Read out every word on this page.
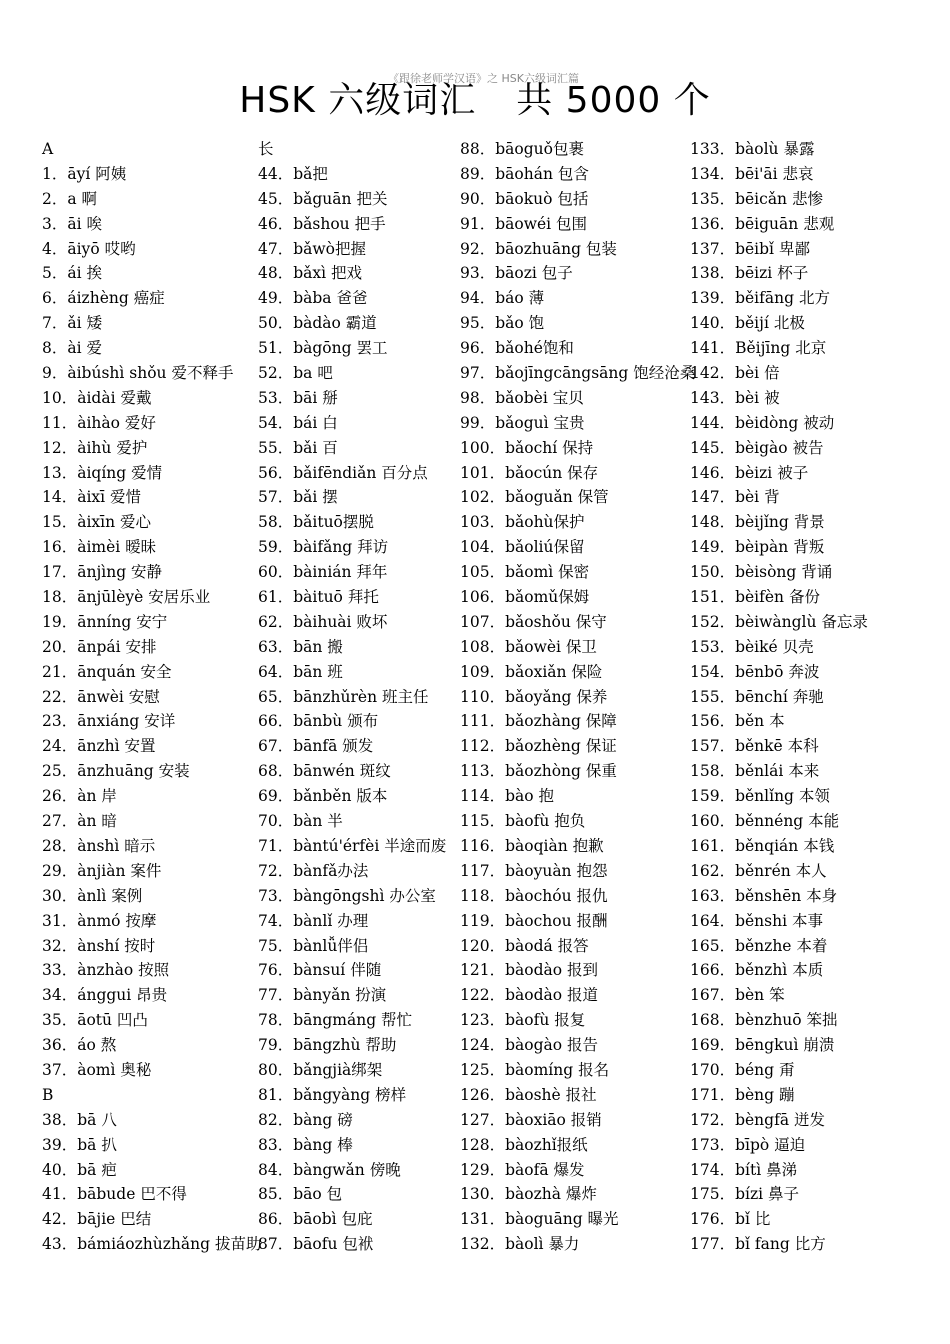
《跟徐老师学汉语》之 HSK六级词汇篇
HSK 六级词汇 共 5000 个
A
1．āyí 阿姨
2．a 啊
3．āi 唉
4．āiyō 哎哟
5．ái 挨
6．áizhèng 癌症
7．ǎi 矮
8．ài 爱
9．àibúshì shǒu 爱不释手
10．àidài 爱戴
11．àihào 爱好
12．àihù 爱护
13．àiqíng 爱情
14．àixī 爱惜
15．àixīn 爱心
16．àimèi 暧昧
17．ānjìng 安静
18．ānjūlèyè 安居乐业
19．ānníng 安宁
20．ānpái 安排
21．ānquán 安全
22．ānwèi 安慰
23．ānxiáng 安详
24．ānzhì 安置
25．ānzhuāng 安装
26．àn 岸
27．àn 暗
28．ànshì 暗示
29．ànjiàn 案件
30．ànlì 案例
31．ànmó 按摩
32．ànshí 按时
33．ànzhào 按照
34．ánggui 昂贵
35．āotū 凹凸
36．áo 熬
37．àomì 奥秘
B
38．bā 八
39．bā 扒
40．bā 疤
41．bābude 巴不得
42．bājie 巴结
43．bámiáozhùzhǎng 拔苗助
长
44．bǎ把
45．bǎguān 把关
46．bǎshou 把手
47．bǎwò把握
48．bǎxì 把戏
49．bàba 爸爸
50．bàdào 霸道
51．bàgōng 罢工
52．ba 吧
53．bāi 掰
54．bái 白
55．bǎi 百
56．bǎifēndiǎn 百分点
57．bǎi 摆
58．bǎituō摆脱
59．bàifǎng 拜访
60．bàinián 拜年
61．bàituō 拜托
62．bàihuài 败坏
63．bān 搬
64．bān 班
65．bānzhǔrèn 班主任
66．bānbù 颁布
67．bānfā 颁发
68．bānwén 斑纹
69．bǎnběn 版本
70．bàn 半
71．bàntú'érfèi 半途而废
72．bànfǎ办法
73．bàngōngshì 办公室
74．bànlǐ 办理
75．bànlǚ伴侣
76．bànsuí 伴随
77．bànyǎn 扮演
78．bāngmáng 帮忙
79．bāngzhù 帮助
80．bǎngjià绑架
81．bǎngyàng 榜样
82．bàng 磅
83．bàng 棒
84．bàngwǎn 傍晚
85．bāo 包
86．bāobì 包庇
87．bāofu 包袱
88．bāoguǒ包裹
89．bāohán 包含
90．bāokuò 包括
91．bāowéi 包围
92．bāozhuāng 包装
93．bāozi 包子
94．báo 薄
95．bǎo 饱
96．bǎohé饱和
97．bǎojīngcāngsāng 饱经沧桑
98．bǎobèi 宝贝
99．bǎoguì 宝贵
100．bǎochí 保持
101．bǎocún 保存
102．bǎoguǎn 保管
103．bǎohù保护
104．bǎoliú保留
105．bǎomì 保密
106．bǎomǔ保姆
107．bǎoshǒu 保守
108．bǎowèi 保卫
109．bǎoxiǎn 保险
110．bǎoyǎng 保养
111．bǎozhàng 保障
112．bǎozhèng 保证
113．bǎozhòng 保重
114．bào 抱
115．bàofù 抱负
116．bàoqiàn 抱歉
117．bàoyuàn 抱怨
118．bàochóu 报仇
119．bàochou 报酬
120．bàodá 报答
121．bàodào 报到
122．bàodào 报道
123．bàofù 报复
124．bàogào 报告
125．bàomíng 报名
126．bàoshè 报社
127．bàoxiāo 报销
128．bàozhǐ报纸
129．bàofā 爆发
130．bàozhà 爆炸
131．bàoguāng 曝光
132．bàolì 暴力
133．bàolù 暴露
134．bēi'āi 悲哀
135．bēicǎn 悲惨
136．bēiguān 悲观
137．bēibǐ 卑鄙
138．bēizi 杯子
139．běifāng 北方
140．běijí 北极
141．Běijīng 北京
142．bèi 倍
143．bèi 被
144．bèidòng 被动
145．bèigào 被告
146．bèizi 被子
147．bèi 背
148．bèijǐng 背景
149．bèipàn 背叛
150．bèisòng 背诵
151．bèifèn 备份
152．bèiwànglù 备忘录
153．bèiké 贝壳
154．bēnbō 奔波
155．bēnchí 奔驰
156．běn 本
157．běnkē 本科
158．běnlái 本来
159．běnlǐng 本领
160．běnnéng 本能
161．běnqián 本钱
162．běnrén 本人
163．běnshēn 本身
164．běnshi 本事
165．běnzhe 本着
166．běnzhì 本质
167．bèn 笨
168．bènzhuō 笨拙
169．bēngkuì 崩溃
170．béng 甭
171．bèng 蹦
172．bèngfā 迸发
173．bīpò 逼迫
174．bítì 鼻涕
175．bízi 鼻子
176．bǐ 比
177．bǐ fang 比方
